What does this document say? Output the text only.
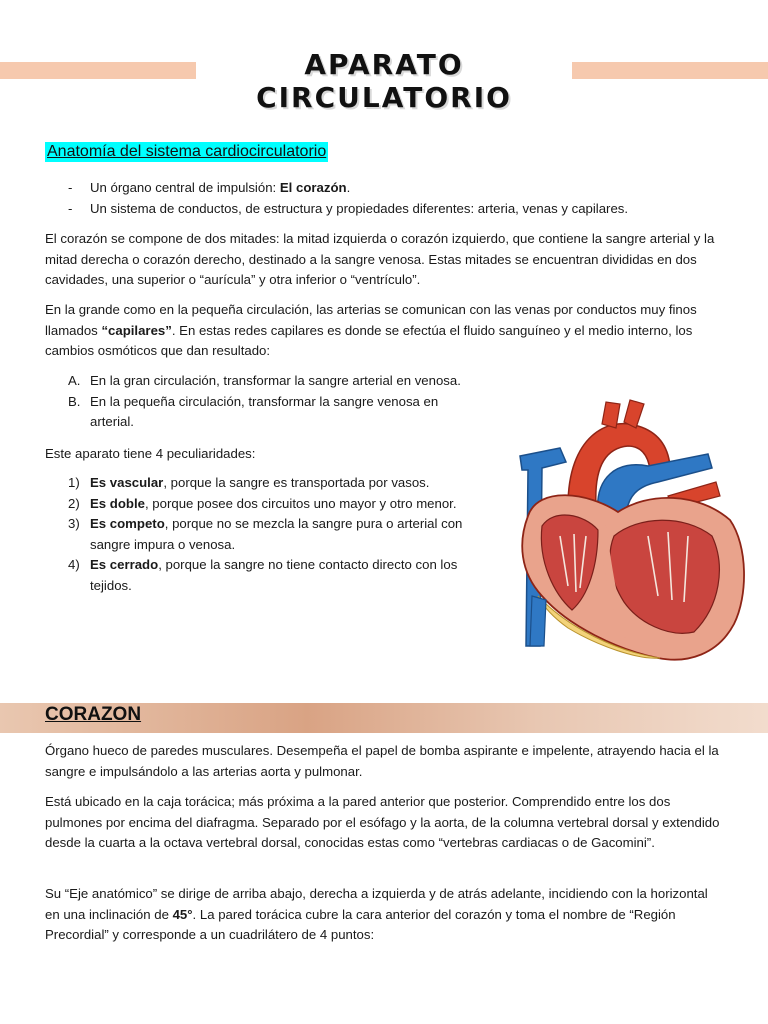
APARATO CIRCULATORIO
Anatomía del sistema cardiocirculatorio
- Un órgano central de impulsión: El corazón.
- Un sistema de conductos, de estructura y propiedades diferentes: arteria, venas y capilares.

El corazón se compone de dos mitades: la mitad izquierda o corazón izquierdo, que contiene la sangre arterial y la mitad derecha o corazón derecho, destinado a la sangre venosa. Estas mitades se encuentran divididas en dos cavidades, una superior o “aurícula” y otra inferior o “ventrículo”.

En la grande como en la pequeña circulación, las arterias se comunican con las venas por conductos muy finos llamados “capilares”. En estas redes capilares es donde se efectúa el fluido sanguíneo y el medio interno, los cambios osmóticos que dan resultado:

A. En la gran circulación, transformar la sangre arterial en venosa.
B. En la pequeña circulación, transformar la sangre venosa en arterial.

Este aparato tiene 4 peculiaridades:

1) Es vascular, porque la sangre es transportada por vasos.
2) Es doble, porque posee dos circuitos uno mayor y otro menor.
3) Es competo, porque no se mezcla la sangre pura o arterial con sangre impura o venosa.
4) Es cerrado, porque la sangre no tiene contacto directo con los tejidos.
CORAZON

Órgano hueco de paredes musculares. Desempeña el papel de bomba aspirante e impelente, atrayendo hacia el la sangre e impulsándolo a las arterias aorta y pulmonar.

Está ubicado en la caja torácica; más próxima a la pared anterior que posterior. Comprendido entre los dos pulmones por encima del diafragma. Separado por el esófago y la aorta, de la columna vertebral dorsal y extendido desde la cuarta a la octava vertebral dorsal, conocidas estas como “vertebras cardiacas o de Gacomini”.

Su “Eje anatómico” se dirige de arriba abajo, derecha a izquierda y de atrás adelante, incidiendo con la horizontal en una inclinación de 45°. La pared torácica cubre la cara anterior del corazón y toma el nombre de “Región Precordial” y corresponde a un cuadrilátero de 4 puntos:
